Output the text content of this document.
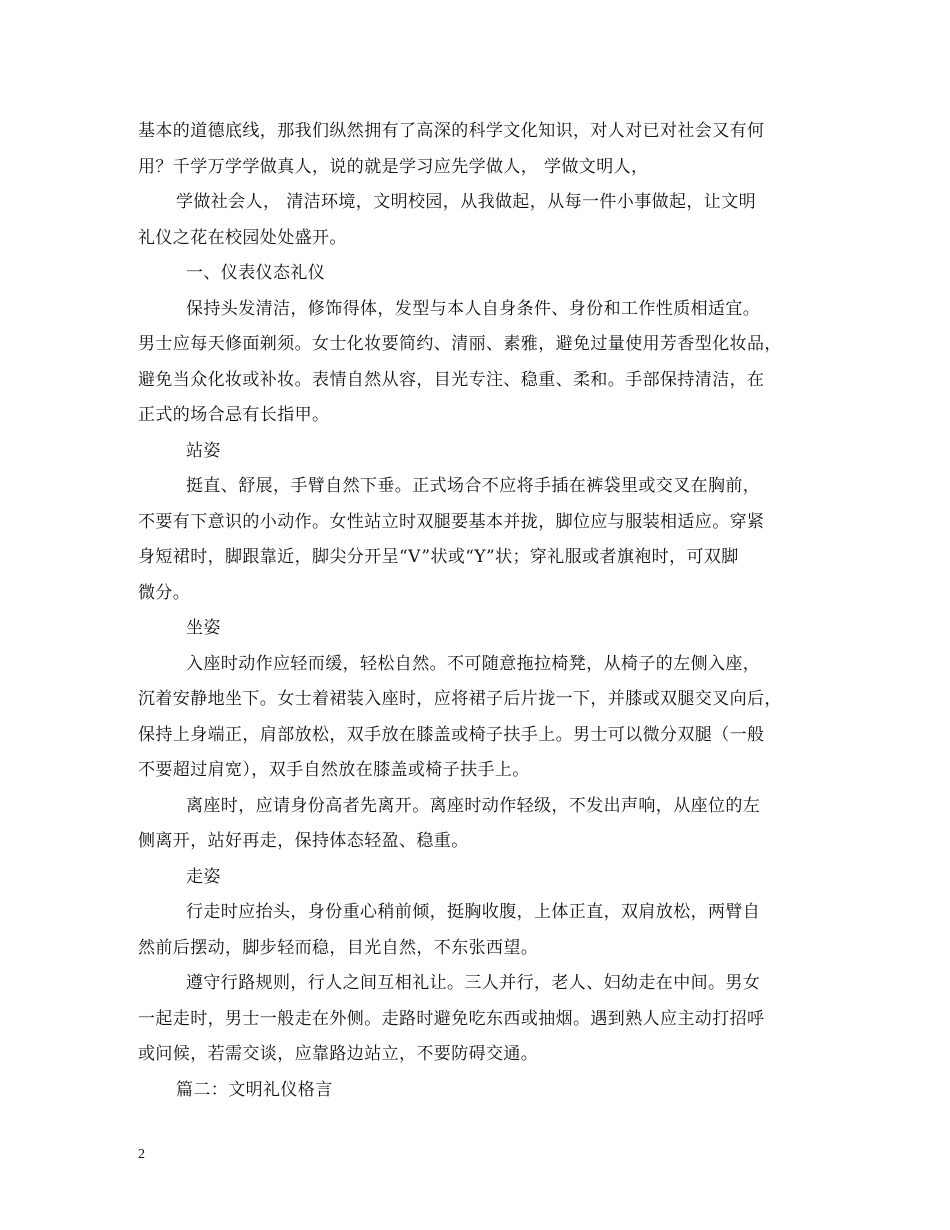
基本的道德底线，那我们纵然拥有了高深的科学文化知识，对人对已对社会又有何
用？千学万学学做真人，说的就是学习应先学做人， 学做文明人，
学做社会人， 清洁环境，文明校园，从我做起，从每一件小事做起，让文明
礼仪之花在校园处处盛开。
一、仪表仪态礼仪
保持头发清洁，修饰得体，发型与本人自身条件、身份和工作性质相适宜。
男士应每天修面剃须。女士化妆要简约、清丽、素雅，避免过量使用芳香型化妆品，
避免当众化妆或补妆。表情自然从容，目光专注、稳重、柔和。手部保持清洁，在
正式的场合忌有长指甲。
站姿
挺直、舒展，手臂自然下垂。正式场合不应将手插在裤袋里或交叉在胸前，
不要有下意识的小动作。女性站立时双腿要基本并拢，脚位应与服装相适应。穿紧
身短裙时，脚跟靠近，脚尖分开呈“V”状或“Y”状；穿礼服或者旗袍时，可双脚
微分。
坐姿
入座时动作应轻而缓，轻松自然。不可随意拖拉椅凳，从椅子的左侧入座，
沉着安静地坐下。女士着裙装入座时，应将裙子后片拢一下，并膝或双腿交叉向后，
保持上身端正，肩部放松，双手放在膝盖或椅子扶手上。男士可以微分双腿（一般
不要超过肩宽），双手自然放在膝盖或椅子扶手上。
离座时，应请身份高者先离开。离座时动作轻级，不发出声响，从座位的左
侧离开，站好再走，保持体态轻盈、稳重。
走姿
行走时应抬头，身份重心稍前倾，挺胸收腹，上体正直，双肩放松，两臂自
然前后摆动，脚步轻而稳，目光自然，不东张西望。
遵守行路规则，行人之间互相礼让。三人并行，老人、妇幼走在中间。男女
一起走时，男士一般走在外侧。走路时避免吃东西或抽烟。遇到熟人应主动打招呼
或问候，若需交谈，应靠路边站立，不要防碍交通。
篇二：文明礼仪格言
2
